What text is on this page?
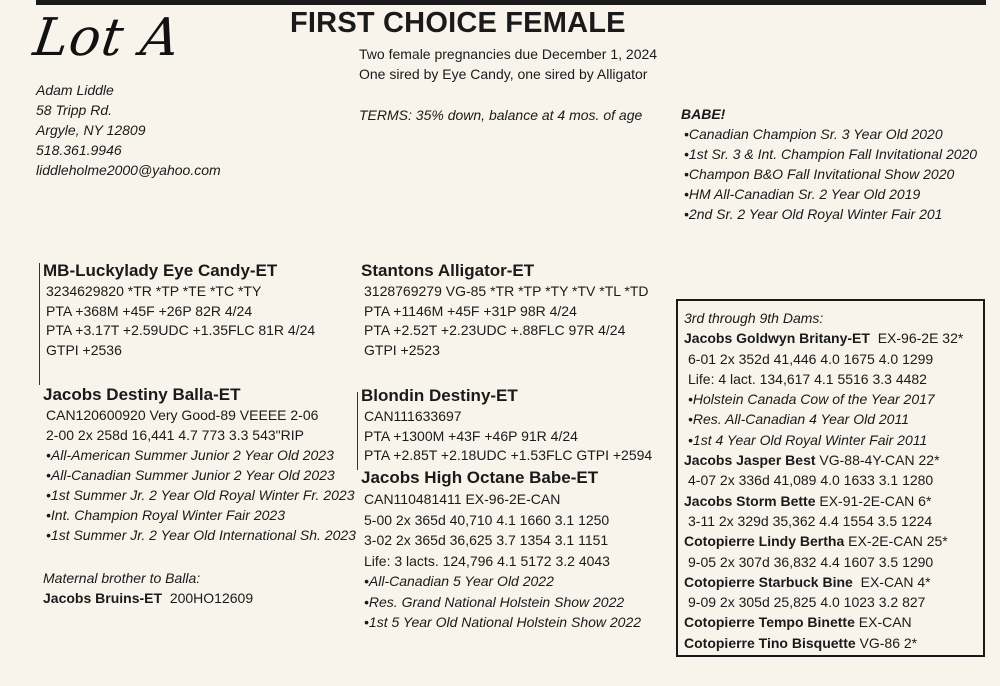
Lot A	FIRST CHOICE FEMALE
Two female pregnancies due December 1, 2024
One sired by Eye Candy, one sired by Alligator
TERMS: 35% down, balance at 4 mos. of age
Adam Liddle
58 Tripp Rd.
Argyle, NY 12809
518.361.9946
liddleholme2000@yahoo.com
BABE!
•Canadian Champion Sr. 3 Year Old 2020
•1st Sr. 3 & Int. Champion Fall Invitational 2020
•Champon B&O Fall Invitational Show 2020
•HM All-Canadian Sr. 2 Year Old 2019
•2nd Sr. 2 Year Old Royal Winter Fair 201
MB-Luckylady Eye Candy-ET
3234629820 *TR *TP *TE *TC *TY
PTA +368M +45F +26P 82R 4/24
PTA +3.17T +2.59UDC +1.35FLC 81R 4/24
GTPI +2536
Jacobs Destiny Balla-ET
CAN120600920 Very Good-89 VEEEE 2-06
2-00 2x 258d 16,441 4.7 773 3.3 543"RIP
•All-American Summer Junior 2 Year Old 2023
•All-Canadian Summer Junior 2 Year Old 2023
•1st Summer Jr. 2 Year Old Royal Winter Fr. 2023
•Int. Champion Royal Winter Fair 2023
•1st Summer Jr. 2 Year Old International Sh. 2023
Maternal brother to Balla:
Jacobs Bruins-ET 200HO12609
Stantons Alligator-ET
3128769279 VG-85 *TR *TP *TY *TV *TL *TD
PTA +1146M +45F +31P 98R 4/24
PTA +2.52T +2.23UDC +.88FLC 97R 4/24
GTPI +2523
Blondin Destiny-ET
CAN111633697
PTA +1300M +43F +46P 91R 4/24
PTA +2.85T +2.18UDC +1.53FLC GTPI +2594
Jacobs High Octane Babe-ET
CAN110481411 EX-96-2E-CAN
5-00 2x 365d 40,710 4.1 1660 3.1 1250
3-02 2x 365d 36,625 3.7 1354 3.1 1151
Life: 3 lacts. 124,796 4.1 5172 3.2 4043
•All-Canadian 5 Year Old 2022
•Res. Grand National Holstein Show 2022
•1st 5 Year Old National Holstein Show 2022
3rd through 9th Dams:
Jacobs Goldwyn Britany-ET EX-96-2E 32*
6-01 2x 352d 41,446 4.0 1675 4.0 1299
Life: 4 lact. 134,617 4.1 5516 3.3 4482
•Holstein Canada Cow of the Year 2017
•Res. All-Canadian 4 Year Old 2011
•1st 4 Year Old Royal Winter Fair 2011
Jacobs Jasper Best VG-88-4Y-CAN 22*
4-07 2x 336d 41,089 4.0 1633 3.1 1280
Jacobs Storm Bette EX-91-2E-CAN 6*
3-11 2x 329d 35,362 4.4 1554 3.5 1224
Cotopierre Lindy Bertha EX-2E-CAN 25*
9-05 2x 307d 36,832 4.4 1607 3.5 1290
Cotopierre Starbuck Bine  EX-CAN 4*
9-09 2x 305d 25,825 4.0 1023 3.2 827
Cotopierre Tempo Binette EX-CAN
Cotopierre Tino Bisquette VG-86 2*
